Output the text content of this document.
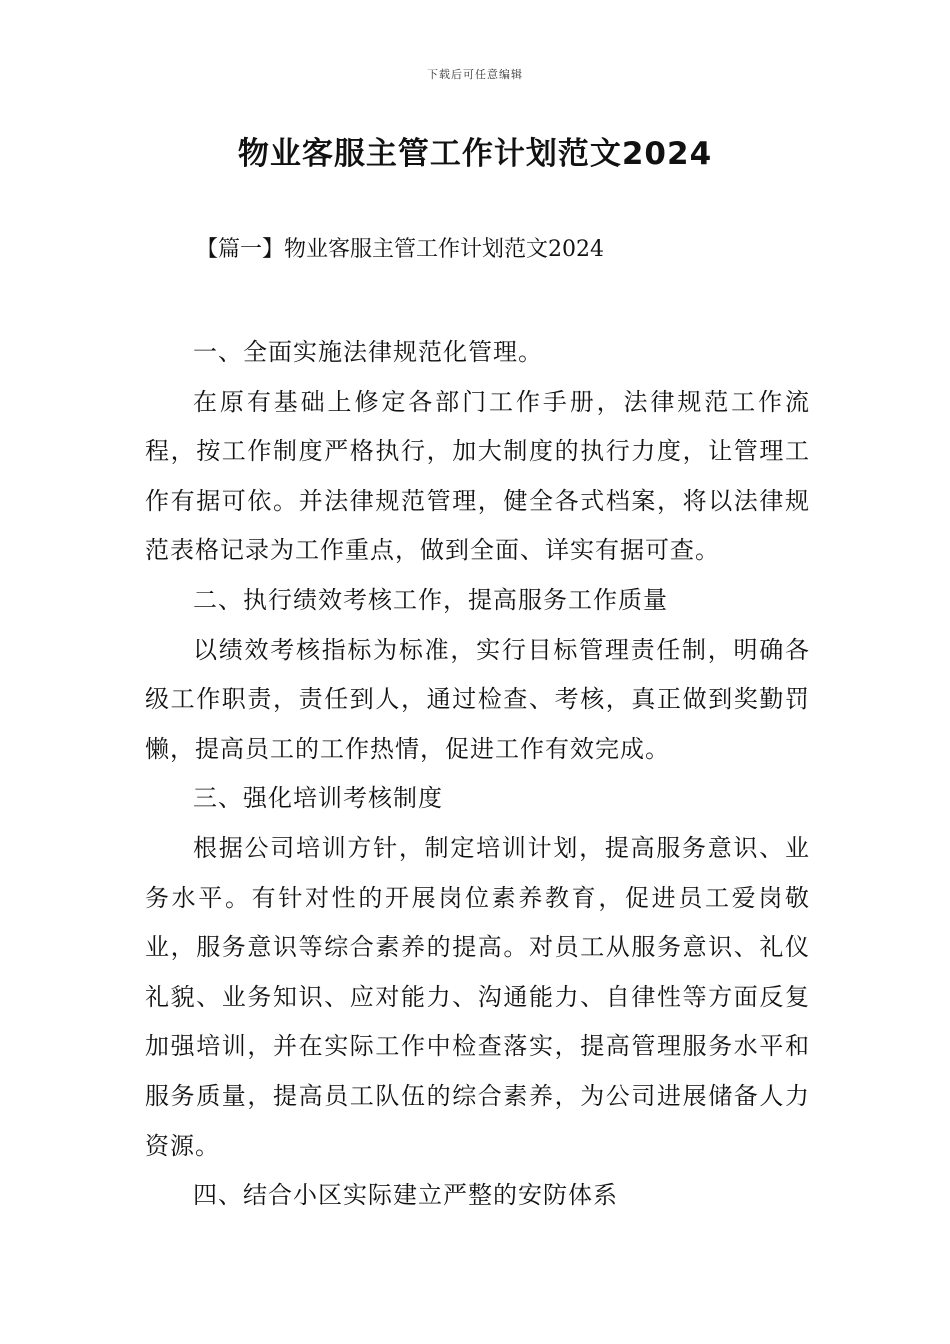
下载后可任意编辑
物业客服主管工作计划范文2024
【篇一】物业客服主管工作计划范文2024

一、全面实施法律规范化管理。

在原有基础上修定各部门工作手册，法律规范工作流程，按工作制度严格执行，加大制度的执行力度，让管理工作有据可依。并法律规范管理，健全各式档案，将以法律规范表格记录为工作重点，做到全面、详实有据可查。

二、执行绩效考核工作，提高服务工作质量

以绩效考核指标为标准，实行目标管理责任制，明确各级工作职责，责任到人，通过检查、考核，真正做到奖勤罚懒，提高员工的工作热情，促进工作有效完成。

三、强化培训考核制度

根据公司培训方针，制定培训计划，提高服务意识、业务水平。有针对性的开展岗位素养教育，促进员工爱岗敬业，服务意识等综合素养的提高。对员工从服务意识、礼仪礼貌、业务知识、应对能力、沟通能力、自律性等方面反复加强培训，并在实际工作中检查落实，提高管理服务水平和服务质量，提高员工队伍的综合素养，为公司进展储备人力资源。

四、结合小区实际建立严整的安防体系
